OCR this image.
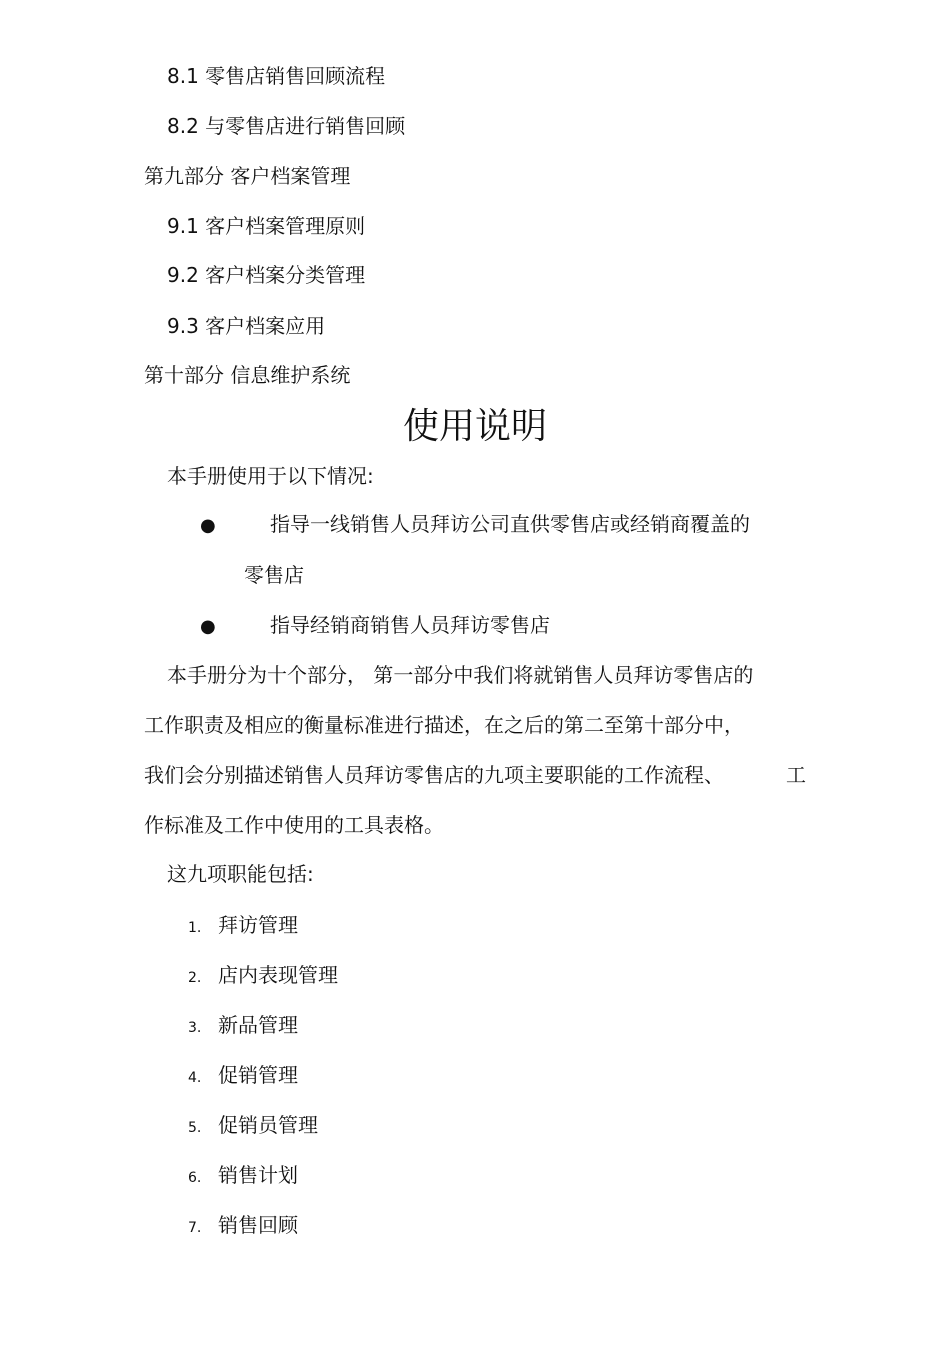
8.1 零售店销售回顾流程
8.2 与零售店进行销售回顾
第九部分 客户档案管理
9.1 客户档案管理原则
9.2 客户档案分类管理
9.3 客户档案应用
第十部分 信息维护系统
使用说明
本手册使用于以下情况:
●	指导一线销售人员拜访公司直供零售店或经销商覆盖的
零售店
●	指导经销商销售人员拜访零售店
本手册分为十个部分， 第一部分中我们将就销售人员拜访零售店的
工作职责及相应的衡量标准进行描述，在之后的第二至第十部分中，
我们会分别描述销售人员拜访零售店的九项主要职能的工作流程、	工
作标准及工作中使用的工具表格。
这九项职能包括:
1. 拜访管理
2. 店内表现管理
3. 新品管理
4. 促销管理
5. 促销员管理
6. 销售计划
7. 销售回顾
